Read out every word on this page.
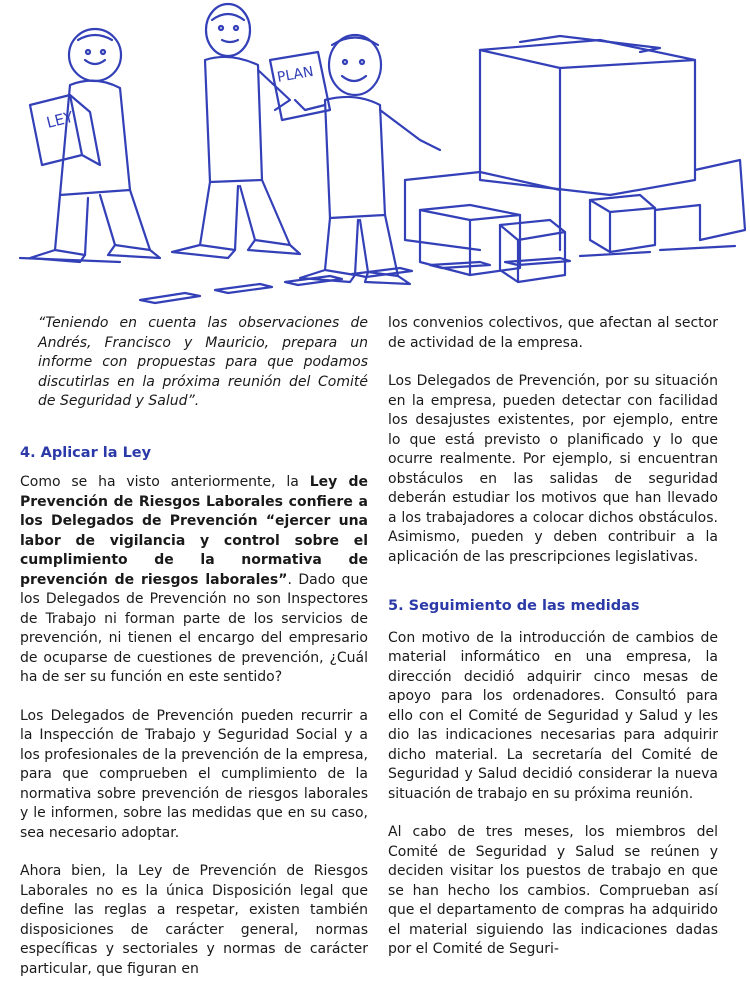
LEY
PLAN

“Teniendo en cuenta las observaciones de Andrés, Francisco y Mauricio, prepara un informe con propuestas para que podamos discutirlas en la próxima reunión del Comité de Seguridad y Salud”.

4. Aplicar la Ley

Como se ha visto anteriormente, la Ley de Prevención de Riesgos Laborales confiere a los Delegados de Prevención “ejercer una labor de vigilancia y control sobre el cumplimiento de la normativa de prevención de riesgos laborales”. Dado que los Delegados de Prevención no son Inspectores de Trabajo ni forman parte de los servicios de prevención, ni tienen el encargo del empresario de ocuparse de cuestiones de prevención, ¿Cuál ha de ser su función en este sentido?

Los Delegados de Prevención pueden recurrir a la Inspección de Trabajo y Seguridad Social y a los profesionales de la prevención de la empresa, para que comprueben el cumplimiento de la normativa sobre prevención de riesgos laborales y le informen, sobre las medidas que en su caso, sea necesario adoptar.

Ahora bien, la Ley de Prevención de Riesgos Laborales no es la única Disposición legal que define las reglas a respetar, existen también disposiciones de carácter general, normas específicas y sectoriales y normas de carácter particular, que figuran en

los convenios colectivos, que afectan al sector de actividad de la empresa.

Los Delegados de Prevención, por su situación en la empresa, pueden detectar con facilidad los desajustes existentes, por ejemplo, entre lo que está previsto o planificado y lo que ocurre realmente. Por ejemplo, si encuentran obstáculos en las salidas de seguridad deberán estudiar los motivos que han llevado a los trabajadores a colocar dichos obstáculos. Asimismo, pueden y deben contribuir a la aplicación de las prescripciones legislativas.

5. Seguimiento de las medidas

Con motivo de la introducción de cambios de material informático en una empresa, la dirección decidió adquirir cinco mesas de apoyo para los ordenadores. Consultó para ello con el Comité de Seguridad y Salud y les dio las indicaciones necesarias para adquirir dicho material. La secretaría del Comité de Seguridad y Salud decidió considerar la nueva situación de trabajo en su próxima reunión.

Al cabo de tres meses, los miembros del Comité de Seguridad y Salud se reúnen y deciden visitar los puestos de trabajo en que se han hecho los cambios. Comprueban así que el departamento de compras ha adquirido el material siguiendo las indicaciones dadas por el Comité de Seguri-
